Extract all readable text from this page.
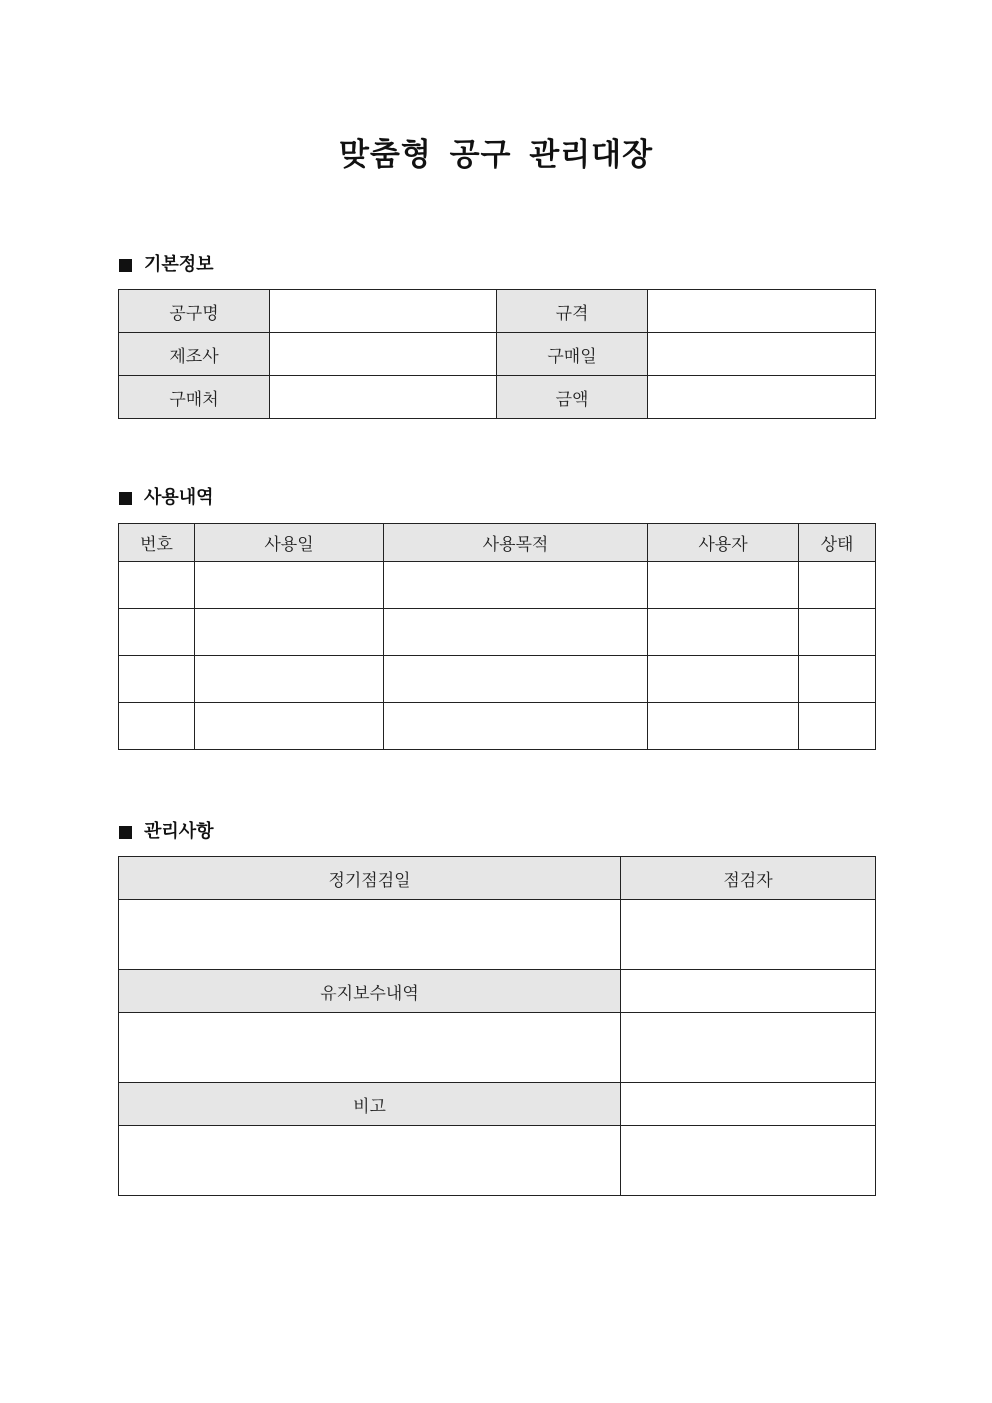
맞춤형 공구 관리대장
기본정보
공구명		규격	
제조사		구매일	
구매처		금액	
사용내역
번호	사용일	사용목적	사용자	상태

관리사항
정기점검일	점검자

유지보수내역	

비고	
